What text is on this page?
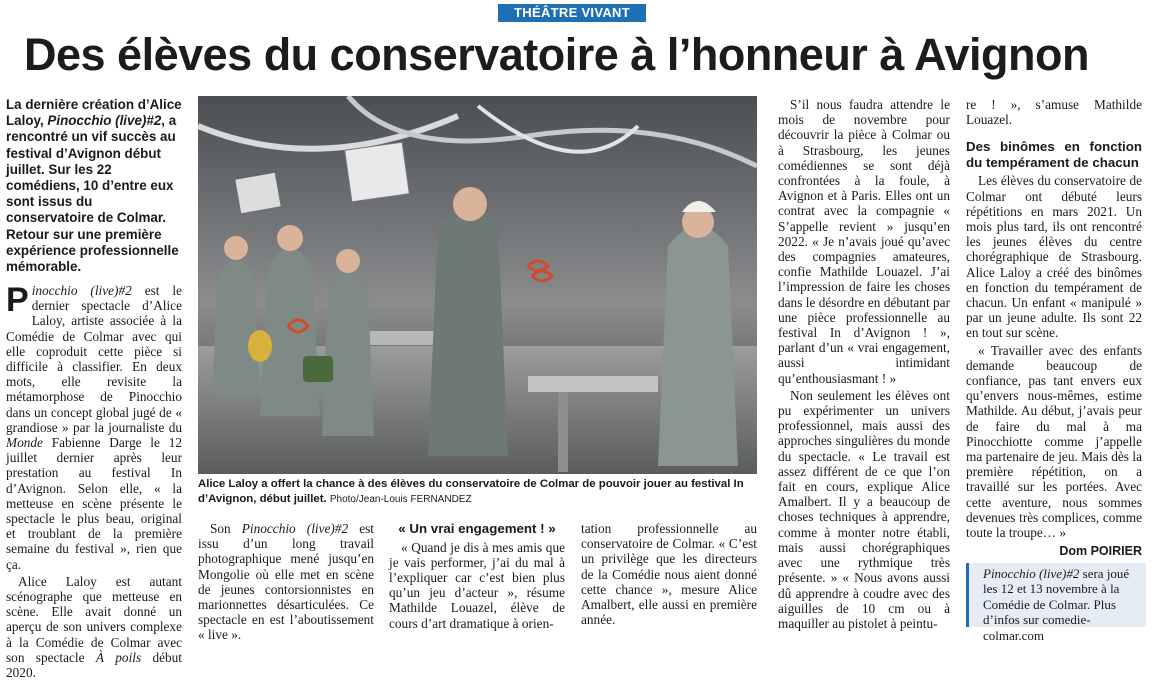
THÉÂTRE VIVANT
Des élèves du conservatoire à l’honneur à Avignon

La dernière création d’Alice Laloy, Pinocchio (live)#2, a rencontré un vif succès au festival d’Avignon début juillet. Sur les 22 comédiens, 10 d’entre eux sont issus du conservatoire de Colmar. Retour sur une première expérience professionnelle mémorable.

Pinocchio (live)#2 est le dernier spectacle d’Alice Laloy, artiste associée à la Comédie de Colmar avec qui elle coproduit cette pièce si difficile à classifier. En deux mots, elle revisite la métamorphose de Pinocchio dans un concept global jugé de « grandiose » par la journaliste du Monde Fabienne Darge le 12 juillet dernier après leur prestation au festival In d’Avignon. Selon elle, « la metteuse en scène présente le spectacle le plus beau, original et troublant de la première semaine du festival », rien que ça.

Alice Laloy est autant scénographe que metteuse en scène. Elle avait donné un aperçu de son univers complexe à la Comédie de Colmar avec son spectacle À poils début 2020.

Alice Laloy a offert la chance à des élèves du conservatoire de Colmar de pouvoir jouer au festival In d’Avignon, début juillet. Photo/Jean-Louis FERNANDEZ

Son Pinocchio (live)#2 est issu d’un long travail photographique mené jusqu’en Mongolie où elle met en scène de jeunes contorsionnistes en marionnettes désarticulées. Ce spectacle en est l’aboutissement « live ».

« Un vrai engagement ! »

« Quand je dis à mes amis que je vais performer, j’ai du mal à l’expliquer car c’est bien plus qu’un jeu d’acteur », résume Mathilde Louazel, élève de cours d’art dramatique à orien-

tation professionnelle au conservatoire de Colmar. « C’est un privilège que les directeurs de la Comédie nous aient donné cette chance », mesure Alice Amalbert, elle aussi en première année.

S’il nous faudra attendre le mois de novembre pour découvrir la pièce à Colmar ou à Strasbourg, les jeunes comédiennes se sont déjà confrontées à la foule, à Avignon et à Paris. Elles ont un contrat avec la compagnie « S’appelle revient » jusqu’en 2022. « Je n’avais joué qu’avec des compagnies amateures, confie Mathilde Louazel. J’ai l’impression de faire les choses dans le désordre en débutant par une pièce professionnelle au festival In d’Avignon ! », parlant d’un « vrai engagement, aussi intimidant qu’enthousiasmant ! »

Non seulement les élèves ont pu expérimenter un univers professionnel, mais aussi des approches singulières du monde du spectacle. « Le travail est assez différent de ce que l’on fait en cours, explique Alice Amalbert. Il y a beaucoup de choses techniques à apprendre, comme à monter notre établi, mais aussi chorégraphiques avec une rythmique très présente. » « Nous avons aussi dû apprendre à coudre avec des aiguilles de 10 cm ou à maquiller au pistolet à peintu-

re ! », s’amuse Mathilde Louazel.

Des binômes en fonction du tempérament de chacun

Les élèves du conservatoire de Colmar ont débuté leurs répétitions en mars 2021. Un mois plus tard, ils ont rencontré les jeunes élèves du centre chorégraphique de Strasbourg. Alice Laloy a créé des binômes en fonction du tempérament de chacun. Un enfant « manipulé » par un jeune adulte. Ils sont 22 en tout sur scène.

« Travailler avec des enfants demande beaucoup de confiance, pas tant envers eux qu’envers nous-mêmes, estime Mathilde. Au début, j’avais peur de faire du mal à ma Pinocchiotte comme j’appelle ma partenaire de jeu. Mais dès la première répétition, on a travaillé sur les portées. Avec cette aventure, nous sommes devenues très complices, comme toute la troupe… »

Dom POIRIER
Pinocchio (live)#2 sera joué les 12 et 13 novembre à la Comédie de Colmar. Plus d’infos sur comedie-colmar.com
